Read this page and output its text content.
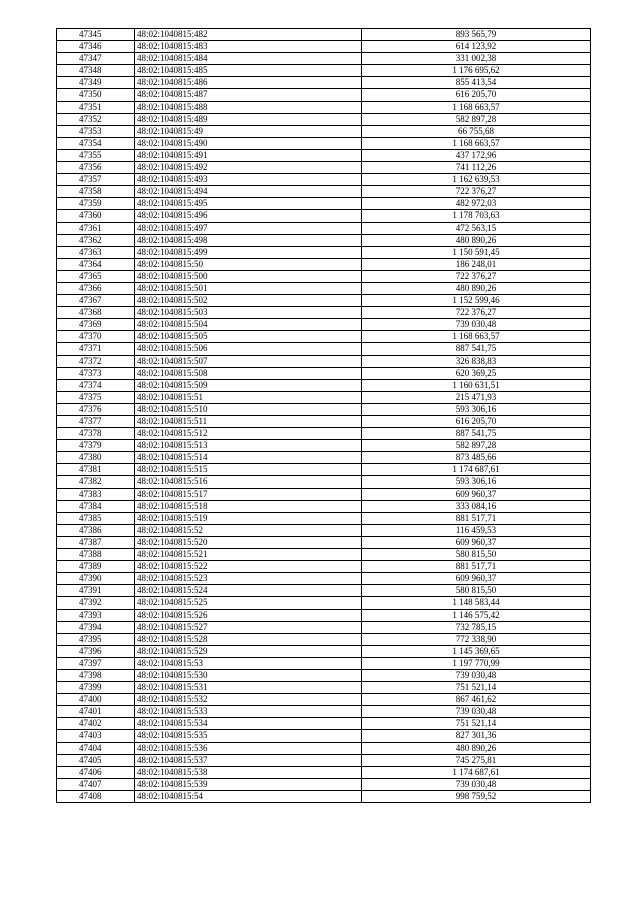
47345	48:02:1040815:482	893 565,79
47346	48:02:1040815:483	614 123,92
47347	48:02:1040815:484	331 002,38
47348	48:02:1040815:485	1 176 695,62
47349	48:02:1040815:486	855 413,54
47350	48:02:1040815:487	616 205,70
47351	48:02:1040815:488	1 168 663,57
47352	48:02:1040815:489	582 897,28
47353	48:02:1040815:49	66 755,68
47354	48:02:1040815:490	1 168 663,57
47355	48:02:1040815:491	437 172,96
47356	48:02:1040815:492	741 112,26
47357	48:02:1040815:493	1 162 639,53
47358	48:02:1040815:494	722 376,27
47359	48:02:1040815:495	482 972,03
47360	48:02:1040815:496	1 178 703,63
47361	48:02:1040815:497	472 563,15
47362	48:02:1040815:498	480 890,26
47363	48:02:1040815:499	1 150 591,45
47364	48:02:1040815:50	186 248,01
47365	48:02:1040815:500	722 376,27
47366	48:02:1040815:501	480 890,26
47367	48:02:1040815:502	1 152 599,46
47368	48:02:1040815:503	722 376,27
47369	48:02:1040815:504	739 030,48
47370	48:02:1040815:505	1 168 663,57
47371	48:02:1040815:506	887 541,75
47372	48:02:1040815:507	326 838,83
47373	48:02:1040815:508	620 369,25
47374	48:02:1040815:509	1 160 631,51
47375	48:02:1040815:51	215 471,93
47376	48:02:1040815:510	593 306,16
47377	48:02:1040815:511	616 205,70
47378	48:02:1040815:512	887 541,75
47379	48:02:1040815:513	582 897,28
47380	48:02:1040815:514	873 485,66
47381	48:02:1040815:515	1 174 687,61
47382	48:02:1040815:516	593 306,16
47383	48:02:1040815:517	609 960,37
47384	48:02:1040815:518	333 084,16
47385	48:02:1040815:519	881 517,71
47386	48:02:1040815:52	116 459,53
47387	48:02:1040815:520	609 960,37
47388	48:02:1040815:521	580 815,50
47389	48:02:1040815:522	881 517,71
47390	48:02:1040815:523	609 960,37
47391	48:02:1040815:524	580 815,50
47392	48:02:1040815:525	1 148 583,44
47393	48:02:1040815:526	1 146 575,42
47394	48:02:1040815:527	732 785,15
47395	48:02:1040815:528	772 338,90
47396	48:02:1040815:529	1 145 369,65
47397	48:02:1040815:53	1 197 770,99
47398	48:02:1040815:530	739 030,48
47399	48:02:1040815:531	751 521,14
47400	48:02:1040815:532	867 461,62
47401	48:02:1040815:533	739 030,48
47402	48:02:1040815:534	751 521,14
47403	48:02:1040815:535	827 301,36
47404	48:02:1040815:536	480 890,26
47405	48:02:1040815:537	745 275,81
47406	48:02:1040815:538	1 174 687,61
47407	48:02:1040815:539	739 030,48
47408	48:02:1040815:54	998 759,52
